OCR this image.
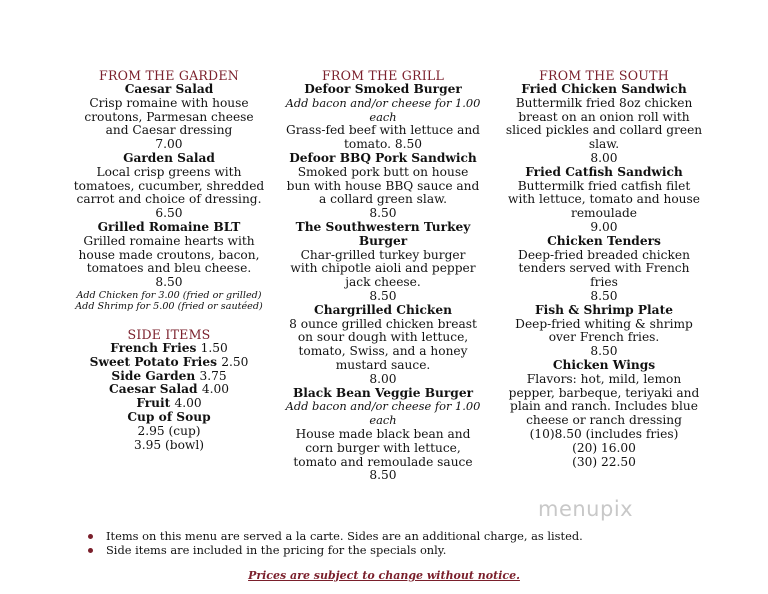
FROM THE GARDEN
Caesar Salad
Crisp romaine with house
croutons, Parmesan cheese
and Caesar dressing
7.00
Garden Salad
Local crisp greens with
tomatoes, cucumber, shredded
carrot and choice of dressing.
6.50
Grilled Romaine BLT
Grilled romaine hearts with
house made croutons, bacon,
tomatoes and bleu cheese.
8.50
Add Chicken for 3.00 (fried or grilled)
Add Shrimp for 5.00 (fried or sautéed)
SIDE ITEMS
French Fries 1.50
Sweet Potato Fries 2.50
Side Garden 3.75
Caesar Salad 4.00
Fruit 4.00
Cup of Soup
2.95 (cup)
3.95 (bowl)
FROM THE GRILL
Defoor Smoked Burger
Add bacon and/or cheese for 1.00
each
Grass-fed beef with lettuce and
tomato. 8.50
Defoor BBQ Pork Sandwich
Smoked pork butt on house
bun with house BBQ sauce and
a collard green slaw.
8.50
The Southwestern Turkey
Burger
Char-grilled turkey burger
with chipotle aioli and pepper
jack cheese.
8.50
Chargrilled Chicken
8 ounce grilled chicken breast
on sour dough with lettuce,
tomato, Swiss, and a honey
mustard sauce.
8.00
Black Bean Veggie Burger
Add bacon and/or cheese for 1.00
each
House made black bean and
corn burger with lettuce,
tomato and remoulade sauce
8.50
FROM THE SOUTH
Fried Chicken Sandwich
Buttermilk fried 8oz chicken
breast on an onion roll with
sliced pickles and collard green
slaw.
8.00
Fried Catfish Sandwich
Buttermilk fried catfish filet
with lettuce, tomato and house
remoulade
9.00
Chicken Tenders
Deep-fried breaded chicken
tenders served with French
fries
8.50
Fish & Shrimp Plate
Deep-fried whiting & shrimp
over French fries.
8.50
Chicken Wings
Flavors: hot, mild, lemon
pepper, barbeque, teriyaki and
plain and ranch. Includes blue
cheese or ranch dressing
(10)8.50 (includes fries)
(20) 16.00
(30) 22.50
menupix
Items on this menu are served a la carte. Sides are an additional charge, as listed.
Side items are included in the pricing for the specials only.
Prices are subject to change without notice.
